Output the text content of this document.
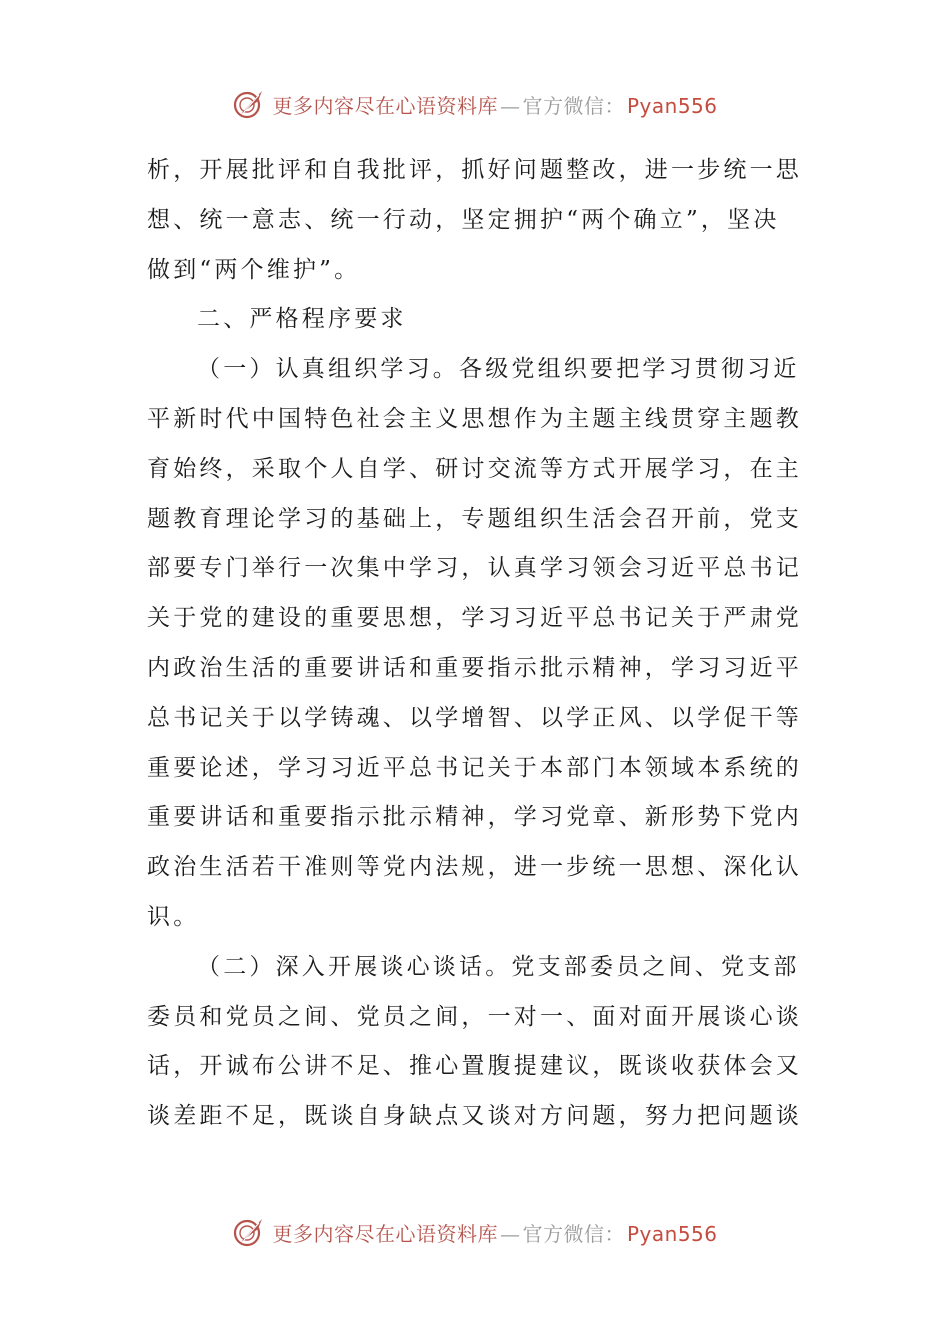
更多内容尽在心语资料库 — 官方微信： Pyan556
析，开展批评和自我批评，抓好问题整改，进一步统一思
想、统一意志、统一行动，坚定拥护“两个确立”，坚决
做到“两个维护”。
二、严格程序要求
（一）认真组织学习。各级党组织要把学习贯彻习近
平新时代中国特色社会主义思想作为主题主线贯穿主题教
育始终，采取个人自学、研讨交流等方式开展学习，在主
题教育理论学习的基础上，专题组织生活会召开前，党支
部要专门举行一次集中学习，认真学习领会习近平总书记
关于党的建设的重要思想，学习习近平总书记关于严肃党
内政治生活的重要讲话和重要指示批示精神，学习习近平
总书记关于以学铸魂、以学增智、以学正风、以学促干等
重要论述，学习习近平总书记关于本部门本领域本系统的
重要讲话和重要指示批示精神，学习党章、新形势下党内
政治生活若干准则等党内法规，进一步统一思想、深化认
识。
（二）深入开展谈心谈话。党支部委员之间、党支部
委员和党员之间、党员之间，一对一、面对面开展谈心谈
话，开诚布公讲不足、推心置腹提建议，既谈收获体会又
谈差距不足，既谈自身缺点又谈对方问题，努力把问题谈
更多内容尽在心语资料库 — 官方微信： Pyan556
